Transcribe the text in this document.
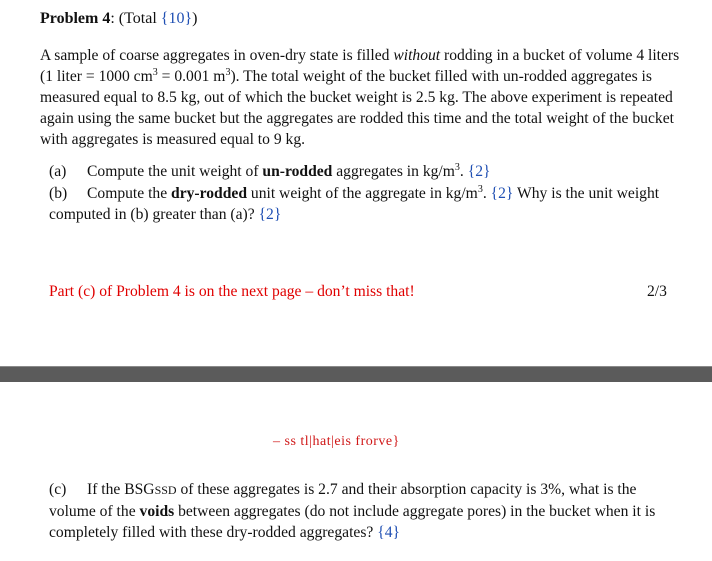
Problem 4: (Total {10})
A sample of coarse aggregates in oven-dry state is filled without rodding in a bucket of volume 4 liters (1 liter = 1000 $cm^3 = 0.001$ $m^3$). The total weight of the bucket filled with un-rodded aggregates is measured equal to 8.5 kg, out of which the bucket weight is 2.5 kg. The above experiment is repeated again using the same bucket but the aggregates are rodded this time and the total weight of the bucket with aggregates is measured equal to 9 kg.
(a) Compute the unit weight of un-rodded aggregates in $kg/m^3$. {2}
(b) Compute the dry-rodded unit weight of the aggregate in $kg/m^3$. {2} Why is the unit weight computed in (b) greater than (a)? {2}
Part (c) of Problem 4 is on the next page – don’t miss that!	2/3
– ss tl|hat|eis frorve}
(c) If the BSGSSD of these aggregates is 2.7 and their absorption capacity is 3%, what is the volume of the voids between aggregates (do not include aggregate pores) in the bucket when it is completely filled with these dry-rodded aggregates? {4}
